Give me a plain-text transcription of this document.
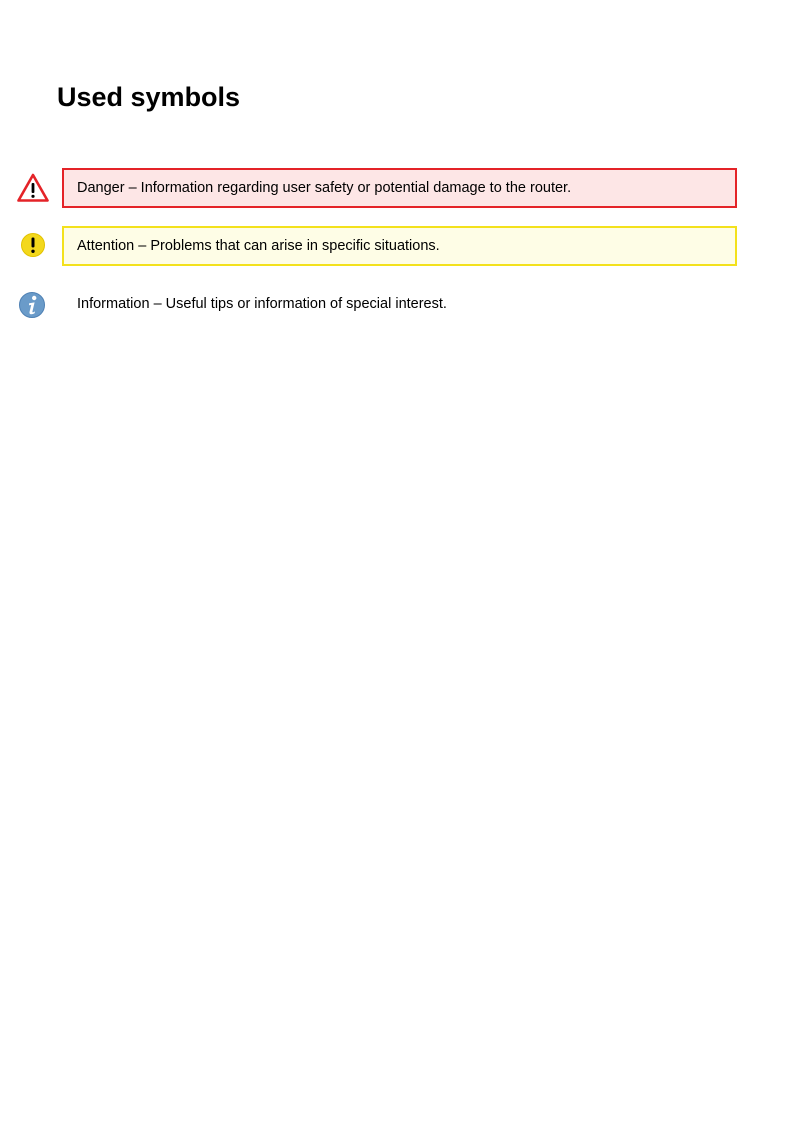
Used symbols
Danger – Information regarding user safety or potential damage to the router.
Attention – Problems that can arise in specific situations.
Information – Useful tips or information of special interest.
